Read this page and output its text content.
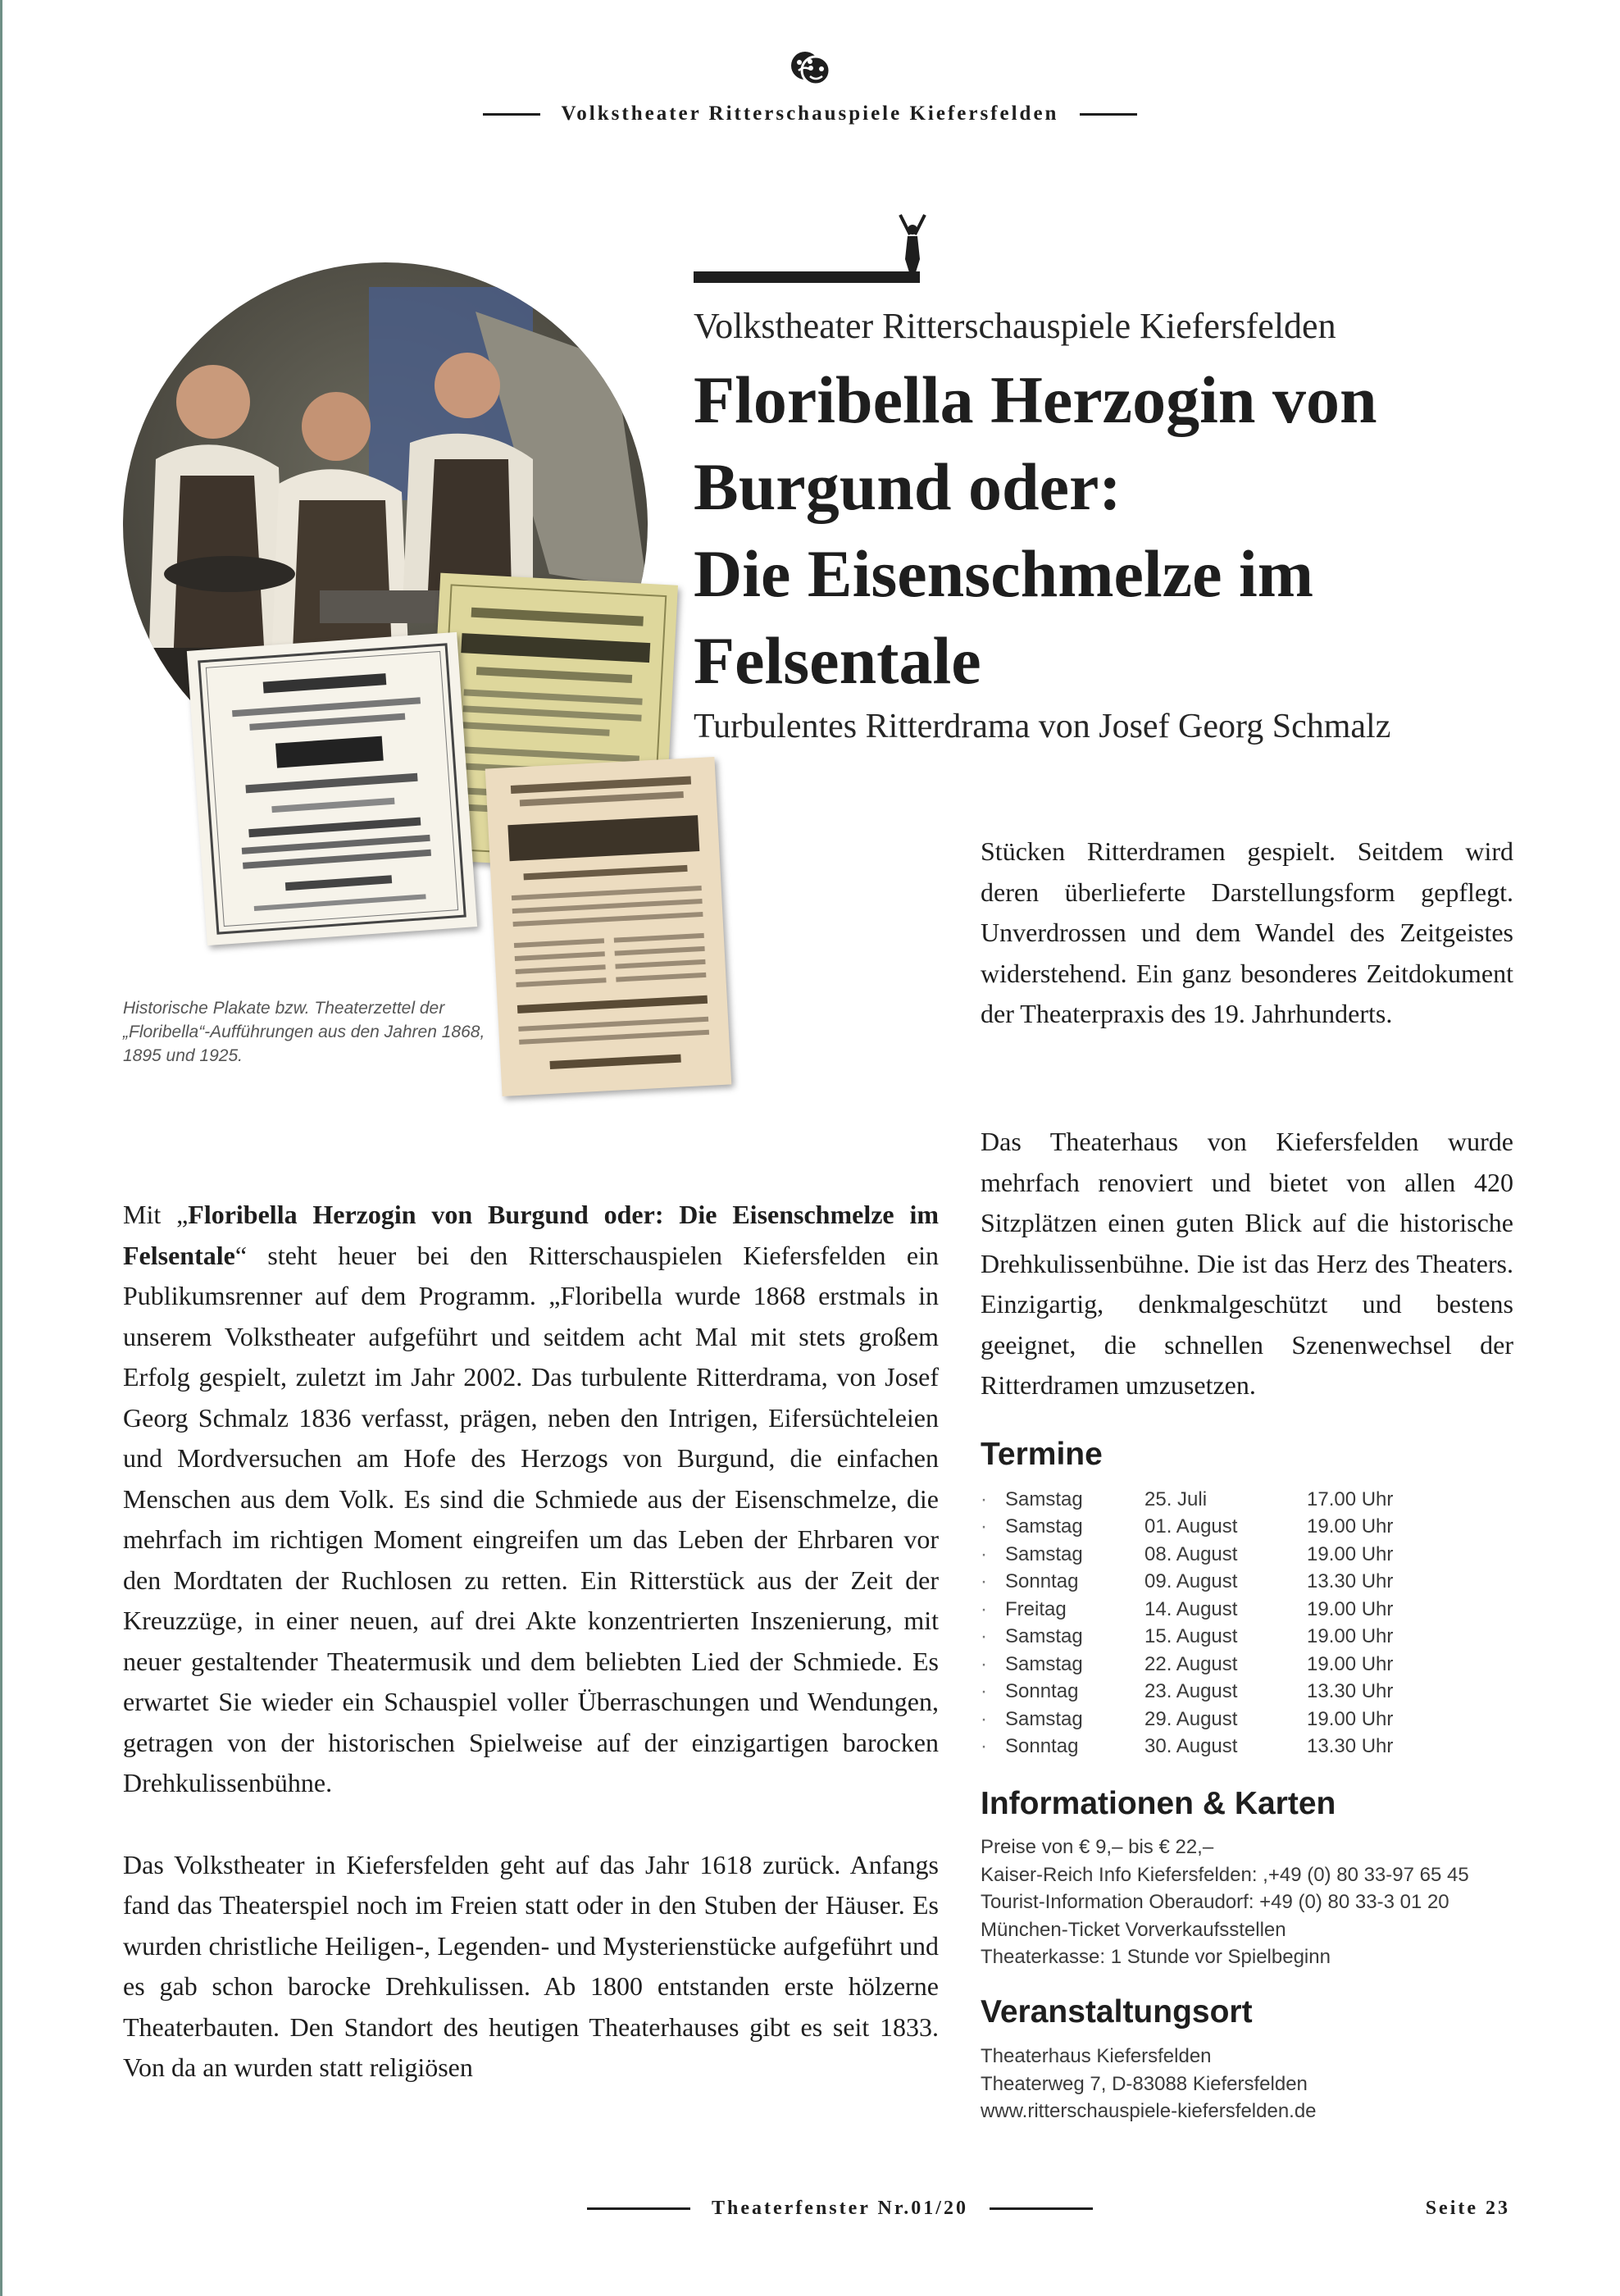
Volkstheater Ritterschauspiele Kiefersfelden
Volkstheater Ritterschauspiele Kiefersfelden
Floribella Herzogin von
Burgund oder:
Die Eisenschmelze im
Felsentale
Turbulentes Ritterdrama von Josef Georg Schmalz
Historische Plakate bzw. Theaterzettel der „Floribella“-Aufführungen aus den Jahren 1868, 1895 und 1925.
Mit „Floribella Herzogin von Burgund oder: Die Eisenschmelze im Felsentale“ steht heuer bei den Ritterschauspielen Kiefersfelden ein Publikumsrenner auf dem Programm. „Floribella wurde 1868 erstmals in unserem Volkstheater aufgeführt und seitdem acht Mal mit stets großem Erfolg gespielt, zuletzt im Jahr 2002. Das turbulente Ritterdrama, von Josef Georg Schmalz 1836 verfasst, prägen, neben den Intrigen, Eifersüchteleien und Mordversuchen am Hofe des Herzogs von Burgund, die einfachen Menschen aus dem Volk. Es sind die Schmiede aus der Eisenschmelze, die mehrfach im richtigen Moment eingreifen um das Leben der Ehrbaren vor den Mordtaten der Ruchlosen zu retten. Ein Ritterstück aus der Zeit der Kreuzzüge, in einer neuen, auf drei Akte konzentrierten Inszenierung, mit neuer gestaltender Theatermusik und dem beliebten Lied der Schmiede. Es erwartet Sie wieder ein Schauspiel voller Überraschungen und Wendungen, getragen von der historischen Spielweise auf der einzigartigen barocken Drehkulissenbühne.
Das Volkstheater in Kiefersfelden geht auf das Jahr 1618 zurück. Anfangs fand das Theaterspiel noch im Freien statt oder in den Stuben der Häuser. Es wurden christliche Heiligen-, Legenden- und Mysterienstücke aufgeführt und es gab schon barocke Drehkulissen. Ab 1800 entstanden erste hölzerne Theaterbauten. Den Standort des heutigen Theaterhauses gibt es seit 1833. Von da an wurden statt religiösen
Stücken Ritterdramen gespielt. Seitdem wird deren überlieferte Darstellungsform gepflegt. Unverdrossen und dem Wandel des Zeitgeistes widerstehend. Ein ganz besonderes Zeitdokument der Theaterpraxis des 19. Jahrhunderts.
Das Theaterhaus von Kiefersfelden wurde mehrfach renoviert und bietet von allen 420 Sitzplätzen einen guten Blick auf die historische Drehkulissenbühne. Die ist das Herz des Theaters. Einzigartig, denkmalgeschützt und bestens geeignet, die schnellen Szenenwechsel der Ritterdramen umzusetzen.
Termine
· Samstag	25. Juli	17.00 Uhr
· Samstag	01. August	19.00 Uhr
· Samstag	08. August	19.00 Uhr
· Sonntag	09. August	13.30 Uhr
· Freitag	14. August	19.00 Uhr
· Samstag	15. August	19.00 Uhr
· Samstag	22. August	19.00 Uhr
· Sonntag	23. August	13.30 Uhr
· Samstag	29. August	19.00 Uhr
· Sonntag	30. August	13.30 Uhr
Informationen & Karten
Preise von € 9,– bis € 22,–
Kaiser-Reich Info Kiefersfelden: ,+49 (0) 80 33-97 65 45
Tourist-Information Oberaudorf: +49 (0) 80 33-3 01 20
München-Ticket Vorverkaufsstellen
Theaterkasse: 1 Stunde vor Spielbeginn
Veranstaltungsort
Theaterhaus Kiefersfelden
Theaterweg 7, D-83088 Kiefersfelden
www.ritterschauspiele-kiefersfelden.de
Theaterfenster Nr.01/20	Seite 23
